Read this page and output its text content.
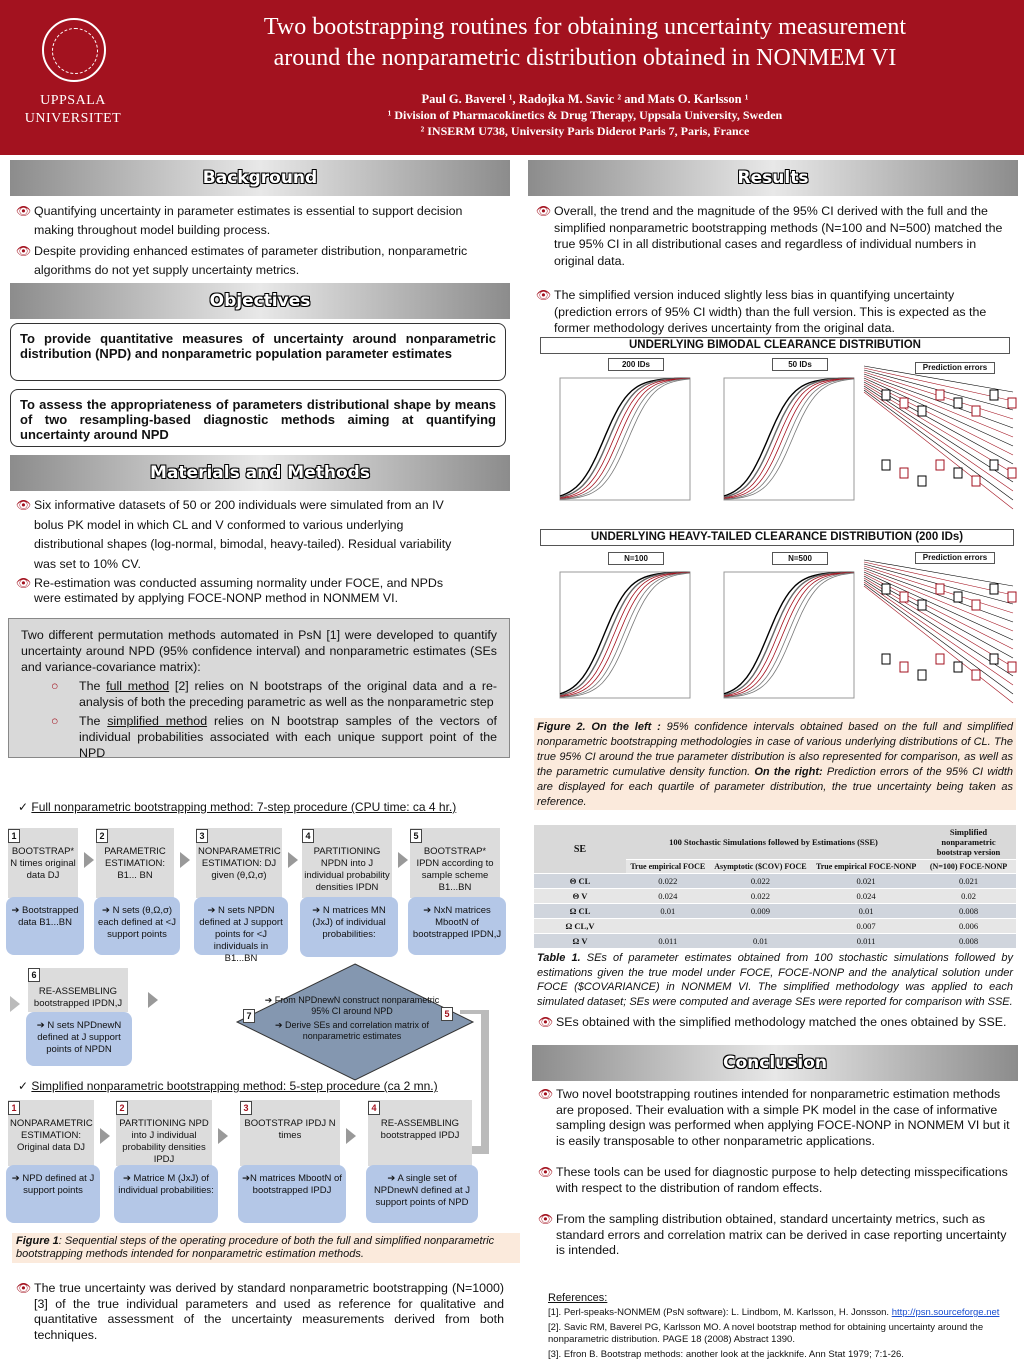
UPPSALA
UNIVERSITET
Two bootstrapping routines for obtaining uncertainty measurement
around the nonparametric distribution obtained in NONMEM VI
Paul G. Baverel ¹, Radojka M. Savic ² and Mats O. Karlsson ¹
¹ Division of Pharmacokinetics & Drug Therapy, Uppsala University, Sweden
² INSERM U738, University Paris Diderot Paris 7, Paris, France
Background

👁 Quantifying uncertainty in parameter estimates is essential to support decision making throughout model building process.

👁 Despite providing enhanced estimates of parameter distribution, nonparametric algorithms do not yet supply uncertainty metrics.

Objectives
To provide quantitative measures of uncertainty around nonparametric distribution (NPD) and nonparametric population parameter estimates
To assess the appropriateness of parameters distributional shape by means of two resampling-based diagnostic methods aiming at quantifying uncertainty around NPD
Materials and Methods

👁 Six informative datasets of 50 or 200 individuals were simulated from an IV bolus PK model in which CL and V conformed to various underlying distributional shapes (log-normal, bimodal, heavy-tailed). Residual variability was set to 10% CV.

👁 Re-estimation was conducted assuming normality under FOCE, and NPDs were estimated by applying FOCE-NONP method in NONMEM VI.

Two different permutation methods automated in PsN [1] were developed to quantify uncertainty around NPD (95% confidence interval) and nonparametric estimates (SEs and variance-covariance matrix):
○ The full method [2] relies on N bootstraps of the original data and a re-analysis of both the preceding parametric as well as the nonparametric step
○ The simplified method relies on N bootstrap samples of the vectors of individual probabilities associated with each unique support point of the NPD
✓ Full nonparametric bootstrapping method: 7-step procedure (CPU time: ca 4 hr.)
BOOTSTRAP* N times original data DJ
1
➔ Bootstrapped data B1...BN
PARAMETRIC ESTIMATION: B1... BN
2
➔ N sets (θ,Ω,σ) each defined at <J support points
NONPARAMETRIC ESTIMATION: DJ given (θ,Ω,σ)
3
➔ N sets NPDN defined at J support points for <J individuals in B1...BN
PARTITIONING NPDN into J individual probability densities IPDN
4
➔ N matrices MN (JxJ) of individual probabilities:
BOOTSTRAP* IPDN according to sample scheme B1...BN
5
➔ NxN matrices MbootN of bootstrapped IPDN,J
RE-ASSEMBLING bootstrapped IPDN,J
6
➔ N sets NPDnewN defined at J support points of NPDN
➔ From NPDnewN construct nonparametric 95% CI around NPD
➔ Derive SEs and correlation matrix of nonparametric estimates
7	5
✓ Simplified nonparametric bootstrapping method: 5-step procedure (ca 2 mn.)
NONPARAMETRIC ESTIMATION: Original data DJ
1
➔ NPD defined at J support points
PARTITIONING NPD into J individual probability densities IPDJ
2
➔ Matrice M (JxJ) of individual probabilities:
BOOTSTRAP IPDJ N times
3
➔N matrices MbootN of bootstrapped IPDJ
RE-ASSEMBLING bootstrapped IPDJ
4
➔ A single set of NPDnewN defined at J support points of NPD
Figure 1: Sequential steps of the operating procedure of both the full and simplified nonparametric bootstrapping methods intended for nonparametric estimation methods.

👁 The true uncertainty was derived by standard nonparametric bootstrapping (N=1000) [3] of the true individual parameters and used as reference for qualitative and quantitative assessment of the uncertainty measurements derived from both techniques.

Results

👁 Overall, the trend and the magnitude of the 95% CI derived with the full and the simplified nonparametric bootstrapping methods (N=100 and N=500) matched the true 95% CI in all distributional cases and regardless of individual numbers in original data.

👁 The simplified version induced slightly less bias in quantifying uncertainty (prediction errors of 95% CI width) than the full version. This is expected as the former methodology derives uncertainty from the original data.

UNDERLYING BIMODAL CLEARANCE DISTRIBUTION
200 IDs	50 IDs	Prediction errors
UNDERLYING HEAVY-TAILED CLEARANCE DISTRIBUTION (200 IDs)
N=100	N=500	Prediction errors
Figure 2. On the left : 95% confidence intervals obtained based on the full and simplified nonparametric bootstrapping methodologies in case of various underlying distributions of CL. The true 95% CI around the true parameter distribution is also represented for comparison, as well as the parametric cumulative density function. On the right: Prediction errors of the 95% CI width are displayed for each quartile of parameter distribution, the true uncertainty being taken as reference.
SE	100 Stochastic Simulations followed by Estimations (SSE)			Simplified nonparametric bootstrap version
	True empirical FOCE	Asymptotic ($COV) FOCE	True empirical FOCE-NONP	(N=100) FOCE-NONP
Θ CL	0.022	0.022	0.021	0.021
Θ V	0.024	0.022	0.024	0.02
Ω CL	0.01	0.009	0.01	0.008
Ω CL,V			0.007	0.006
Ω V	0.011	0.01	0.011	0.008
Table 1. SEs of parameter estimates obtained from 100 stochastic simulations followed by estimations given the true model under FOCE, FOCE-NONP and the analytical solution under FOCE ($COVARIANCE) in NONMEM VI. The simplified methodology was applied to each simulated dataset; SEs were computed and average SEs were reported for comparison with SSE.

👁 SEs obtained with the simplified methodology matched the ones obtained by SSE.

Conclusion

👁 Two novel bootstrapping routines intended for nonparametric estimation methods are proposed. Their evaluation with a simple PK model in the case of informative sampling design was performed when applying FOCE-NONP in NONMEM VI but it is easily transposable to other nonparametric applications.

👁 These tools can be used for diagnostic purpose to help detecting misspecifications with respect to the distribution of random effects.

👁 From the sampling distribution obtained, standard uncertainty metrics, such as standard errors and correlation matrix can be derived in case reporting uncertainty is intended.

References:
[1]. Perl-speaks-NONMEM (PsN software): L. Lindbom, M. Karlsson, H. Jonsson. http://psn.sourceforge.net
[2]. Savic RM, Baverel PG, Karlsson MO. A novel bootstrap method for obtaining uncertainty around the nonparametric distribution. PAGE 18 (2008) Abstract 1390.
[3]. Efron B. Bootstrap methods: another look at the jackknife. Ann Stat 1979; 7:1-26.
